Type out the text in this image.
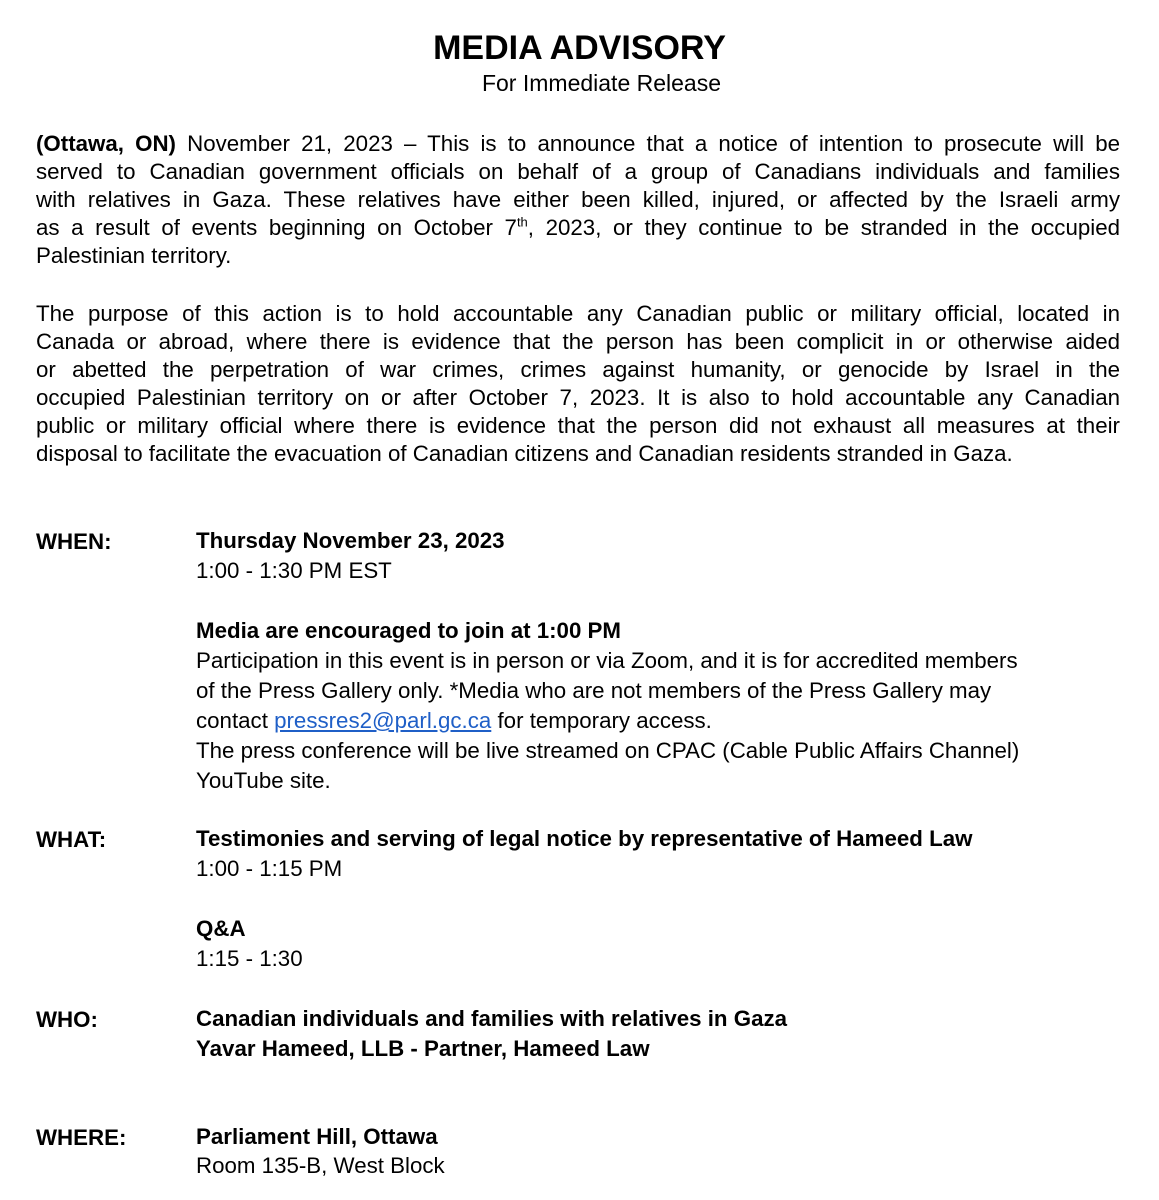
MEDIA ADVISORY
For Immediate Release
(Ottawa, ON) November 21, 2023 – This is to announce that a notice of intention to prosecute will be
served to Canadian government officials on behalf of a group of Canadians individuals and families
with relatives in Gaza. These relatives have either been killed, injured, or affected by the Israeli army
as a result of events beginning on October 7th, 2023, or they continue to be stranded in the occupied
Palestinian territory.
The purpose of this action is to hold accountable any Canadian public or military official, located in
Canada or abroad, where there is evidence that the person has been complicit in or otherwise aided
or abetted the perpetration of war crimes, crimes against humanity, or genocide by Israel in the
occupied Palestinian territory on or after October 7, 2023. It is also to hold accountable any Canadian
public or military official where there is evidence that the person did not exhaust all measures at their
disposal to facilitate the evacuation of Canadian citizens and Canadian residents stranded in Gaza.
WHEN:	Thursday November 23, 2023
1:00 - 1:30 PM EST
Media are encouraged to join at 1:00 PM
Participation in this event is in person or via Zoom, and it is for accredited members
of the Press Gallery only. *Media who are not members of the Press Gallery may
contact pressres2@parl.gc.ca for temporary access.
The press conference will be live streamed on CPAC (Cable Public Affairs Channel)
YouTube site.
WHAT:	Testimonies and serving of legal notice by representative of Hameed Law
1:00 - 1:15 PM
Q&A
1:15 - 1:30
WHO:	Canadian individuals and families with relatives in Gaza
Yavar Hameed, LLB - Partner, Hameed Law
WHERE:	Parliament Hill, Ottawa
Room 135-B, West Block
